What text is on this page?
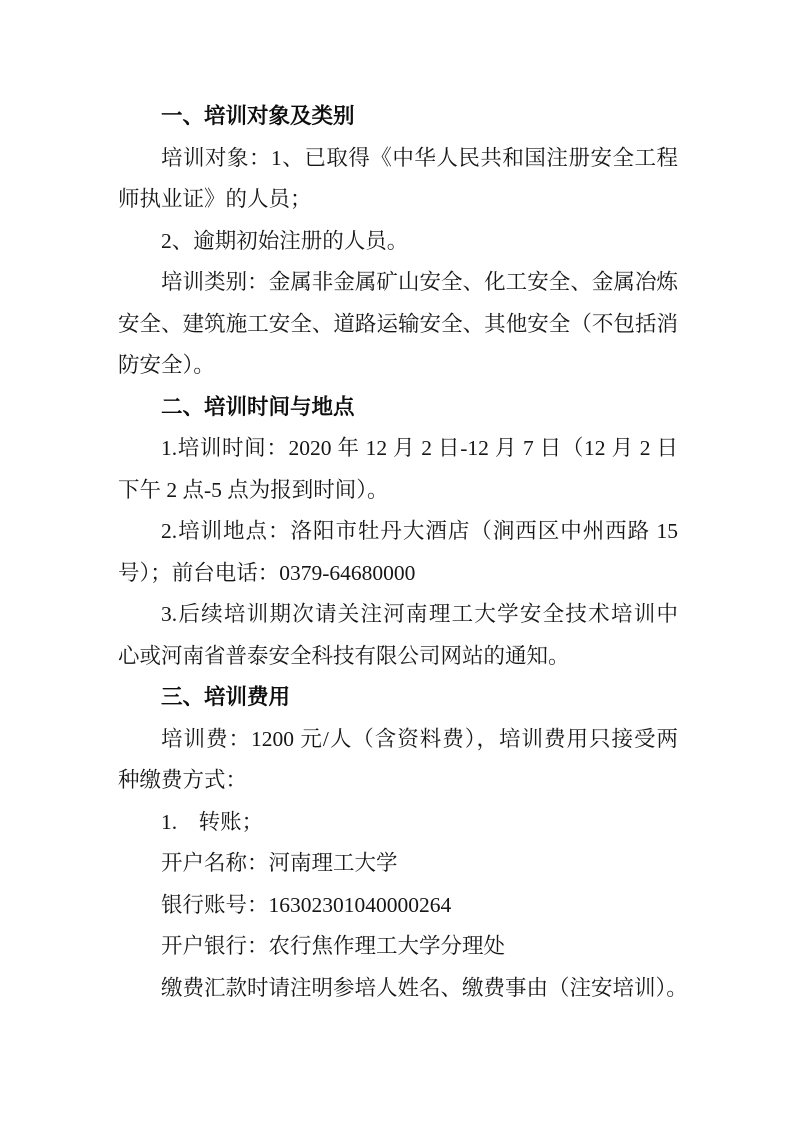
一、培训对象及类别
培训对象：1、已取得《中华人民共和国注册安全工程
师执业证》的人员；
2、逾期初始注册的人员。
培训类别：金属非金属矿山安全、化工安全、金属冶炼
安全、建筑施工安全、道路运输安全、其他安全（不包括消
防安全）。
二、培训时间与地点
1.培训时间：2020 年 12 月 2 日-12 月 7 日（12 月 2 日
下午 2 点-5 点为报到时间）。
2.培训地点：洛阳市牡丹大酒店（涧西区中州西路 15
号）；前台电话：0379-64680000
3.后续培训期次请关注河南理工大学安全技术培训中
心或河南省普泰安全科技有限公司网站的通知。
三、培训费用
培训费：1200 元/人（含资料费），培训费用只接受两
种缴费方式：
1.　转账；
开户名称：河南理工大学
银行账号：16302301040000264
开户银行：农行焦作理工大学分理处
缴费汇款时请注明参培人姓名、缴费事由（注安培训）。
